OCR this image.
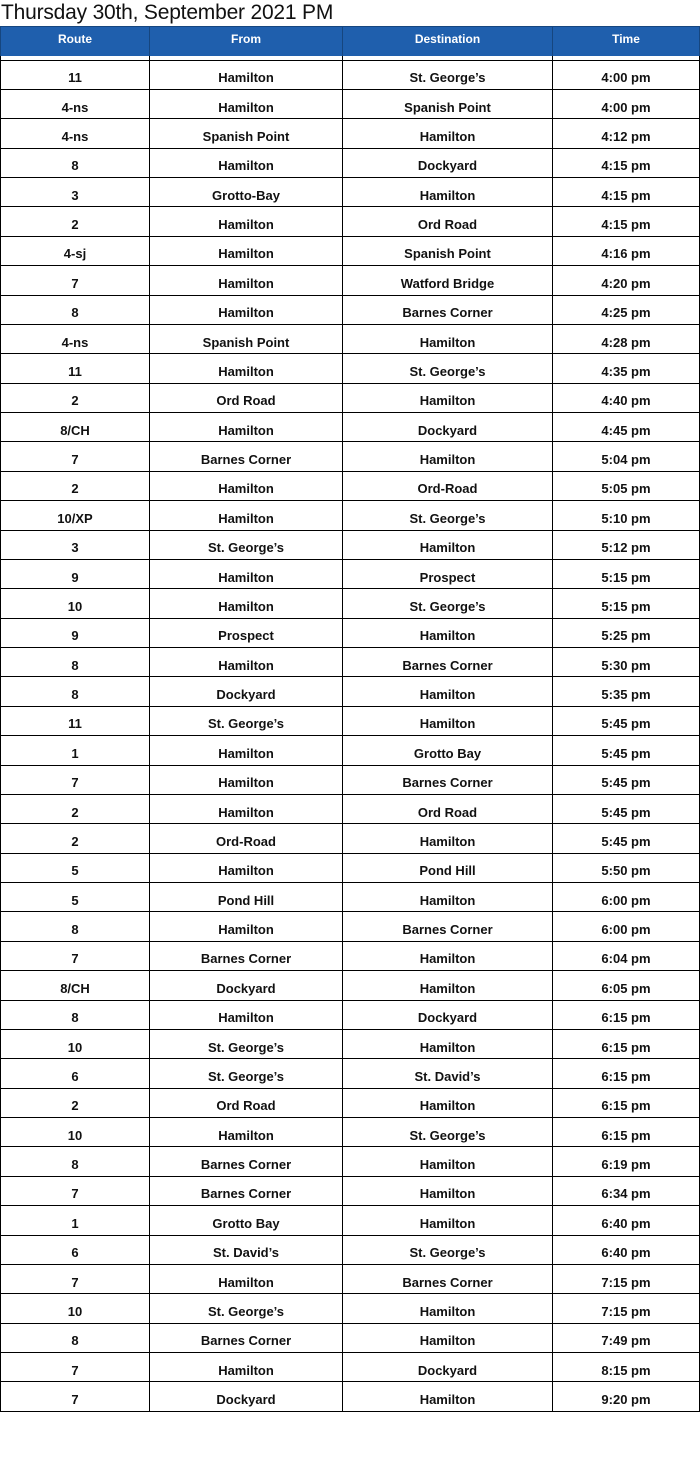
Thursday 30th, September 2021 PM
Route	From	Destination	Time

11	Hamilton	St. George’s	4:00 pm
4-ns	Hamilton	Spanish Point	4:00 pm
4-ns	Spanish Point	Hamilton	4:12 pm
8	Hamilton	Dockyard	4:15 pm
3	Grotto-Bay	Hamilton	4:15 pm
2	Hamilton	Ord Road	4:15 pm
4-sj	Hamilton	Spanish Point	4:16 pm
7	Hamilton	Watford Bridge	4:20 pm
8	Hamilton	Barnes Corner	4:25 pm
4-ns	Spanish Point	Hamilton	4:28 pm
11	Hamilton	St. George’s	4:35 pm
2	Ord Road	Hamilton	4:40 pm
8/CH	Hamilton	Dockyard	4:45 pm
7	Barnes Corner	Hamilton	5:04 pm
2	Hamilton	Ord-Road	5:05 pm
10/XP	Hamilton	St. George’s	5:10 pm
3	St. George’s	Hamilton	5:12 pm
9	Hamilton	Prospect	5:15 pm
10	Hamilton	St. George’s	5:15 pm
9	Prospect	Hamilton	5:25 pm
8	Hamilton	Barnes Corner	5:30 pm
8	Dockyard	Hamilton	5:35 pm
11	St. George’s	Hamilton	5:45 pm
1	Hamilton	Grotto Bay	5:45 pm
7	Hamilton	Barnes Corner	5:45 pm
2	Hamilton	Ord Road	5:45 pm
2	Ord-Road	Hamilton	5:45 pm
5	Hamilton	Pond Hill	5:50 pm
5	Pond Hill	Hamilton	6:00 pm
8	Hamilton	Barnes Corner	6:00 pm
7	Barnes Corner	Hamilton	6:04 pm
8/CH	Dockyard	Hamilton	6:05 pm
8	Hamilton	Dockyard	6:15 pm
10	St. George’s	Hamilton	6:15 pm
6	St. George’s	St. David’s	6:15 pm
2	Ord Road	Hamilton	6:15 pm
10	Hamilton	St. George’s	6:15 pm
8	Barnes Corner	Hamilton	6:19 pm
7	Barnes Corner	Hamilton	6:34 pm
1	Grotto Bay	Hamilton	6:40 pm
6	St. David’s	St. George’s	6:40 pm
7	Hamilton	Barnes Corner	7:15 pm
10	St. George’s	Hamilton	7:15 pm
8	Barnes Corner	Hamilton	7:49 pm
7	Hamilton	Dockyard	8:15 pm
7	Dockyard	Hamilton	9:20 pm
